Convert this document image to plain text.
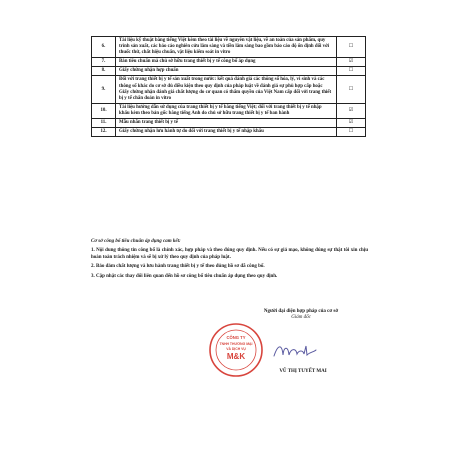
6.	Tài liệu kỹ thuật bằng tiếng Việt kèm theo tài liệu về nguyên vật liệu, về an toàn của sản phẩm, quy trình sản xuất, các báo cáo nghiên cứu lâm sàng và tiền lâm sàng bao gồm báo cáo độ ổn định đối với thuốc thử, chất hiệu chuẩn, vật liệu kiểm soát in vitro	☐
7.	Bản tiêu chuẩn mà chủ sở hữu trang thiết bị y tế công bố áp dụng	☑
8.	Giấy chứng nhận hợp chuẩn	☐
9.	Đối với trang thiết bị y tế sản xuất trong nước: kết quả đánh giá các thông số hóa, lý, vi sinh và các thông số khác do cơ sở đủ điều kiện theo quy định của pháp luật về đánh giá sự phù hợp cấp hoặc Giấy chứng nhận đánh giá chất lượng do cơ quan có thẩm quyền của Việt Nam cấp đối với trang thiết bị y tế chẩn đoán in vitro	☐
10.	Tài liệu hướng dẫn sử dụng của trang thiết bị y tế bằng tiếng Việt; đối với trang thiết bị y tế nhập khẩu kèm theo bản gốc bằng tiếng Anh do chủ sở hữu trang thiết bị y tế ban hành	☑
11.	Mẫu nhãn trang thiết bị y tế	☑
12.	Giấy chứng nhận lưu hành tự do đối với trang thiết bị y tế nhập khẩu	☐
Cơ sở công bố tiêu chuẩn áp dụng cam kết:
1. Nội dung thông tin công bố là chính xác, hợp pháp và theo đúng quy định. Nếu có sự giả mạo, không đúng sự thật tôi xin chịu hoàn toàn trách nhiệm và sẽ bị xử lý theo quy định của pháp luật.
2. Bảo đảm chất lượng và lưu hành trang thiết bị y tế theo đúng hồ sơ đã công bố.
3. Cập nhật các thay đổi liên quan đến hồ sơ công bố tiêu chuẩn áp dụng theo quy định.
Người đại diện hợp pháp của cơ sở
Giám đốc
CÔNG TY
TNHH THƯƠNG MẠI
VÀ DỊCH VỤ
M&K
VŨ THỊ TUYẾT MAI
